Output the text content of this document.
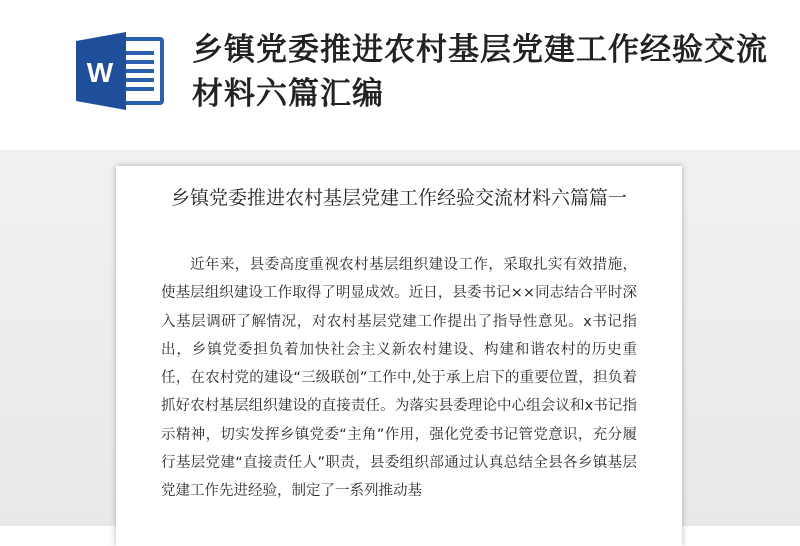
W
乡镇党委推进农村基层党建工作经验交流材料六篇汇编
乡镇党委推进农村基层党建工作经验交流材料六篇篇一

近年来，县委高度重视农村基层组织建设工作，采取扎实有效措施，使基层组织建设工作取得了明显成效。近日，县委书记××同志结合平时深入基层调研了解情况，对农村基层党建工作提出了指导性意见。x书记指出，乡镇党委担负着加快社会主义新农村建设、构建和谐农村的历史重任，在农村党的建设“三级联创”工作中,处于承上启下的重要位置，担负着抓好农村基层组织建设的直接责任。为落实县委理论中心组会议和x书记指示精神，切实发挥乡镇党委“主角”作用，强化党委书记管党意识，充分履行基层党建“直接责任人”职责，县委组织部通过认真总结全县各乡镇基层党建工作先进经验，制定了一系列推动基
